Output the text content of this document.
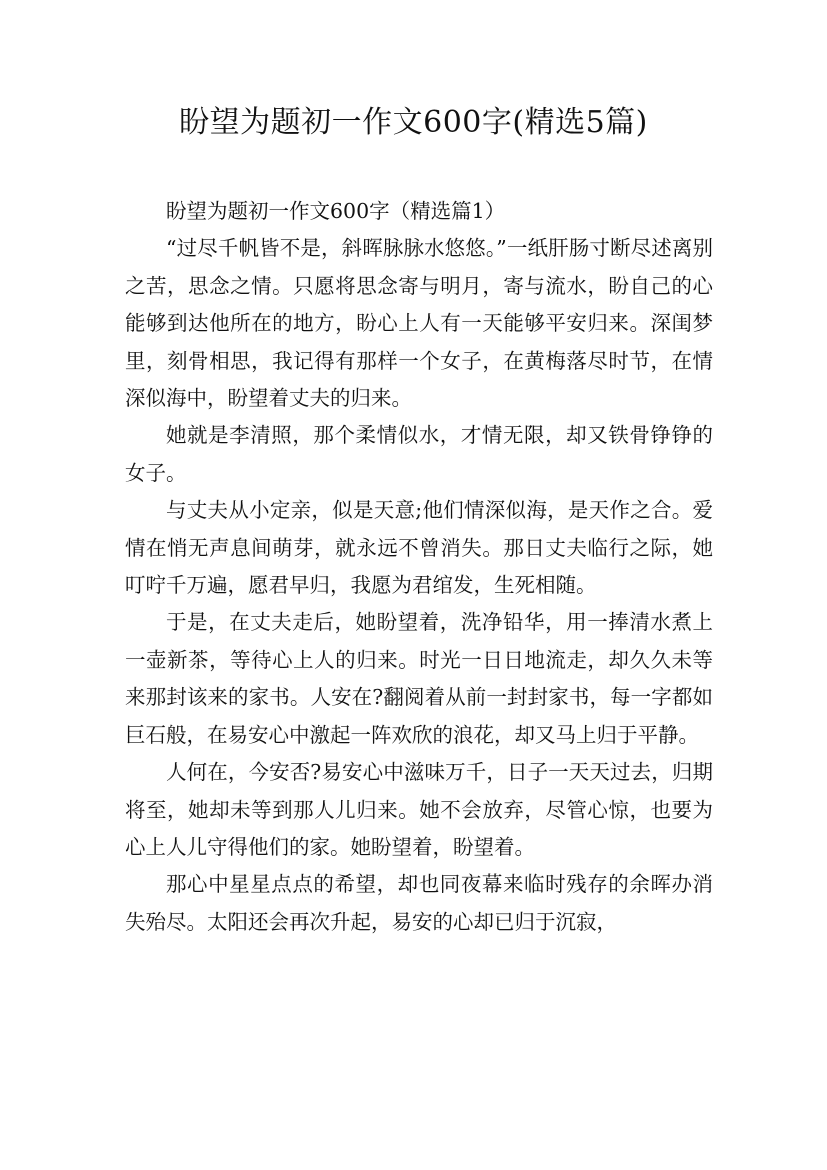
盼望为题初一作文600字(精选5篇)

盼望为题初一作文600字（精选篇1）

“过尽千帆皆不是，斜晖脉脉水悠悠。”一纸肝肠寸断尽述离别之苦，思念之情。只愿将思念寄与明月，寄与流水，盼自己的心能够到达他所在的地方，盼心上人有一天能够平安归来。深闺梦里，刻骨相思，我记得有那样一个女子，在黄梅落尽时节，在情深似海中，盼望着丈夫的归来。

她就是李清照，那个柔情似水，才情无限，却又铁骨铮铮的女子。

与丈夫从小定亲，似是天意;他们情深似海，是天作之合。爱情在悄无声息间萌芽，就永远不曾消失。那日丈夫临行之际，她叮咛千万遍，愿君早归，我愿为君绾发，生死相随。

于是，在丈夫走后，她盼望着，洗净铅华，用一捧清水煮上一壶新茶，等待心上人的归来。时光一日日地流走，却久久未等来那封该来的家书。人安在?翻阅着从前一封封家书，每一字都如巨石般，在易安心中激起一阵欢欣的浪花，却又马上归于平静。

人何在，今安否?易安心中滋味万千，日子一天天过去，归期将至，她却未等到那人儿归来。她不会放弃，尽管心惊，也要为心上人儿守得他们的家。她盼望着，盼望着。

那心中星星点点的希望，却也同夜幕来临时残存的余晖办消失殆尽。太阳还会再次升起，易安的心却已归于沉寂，
